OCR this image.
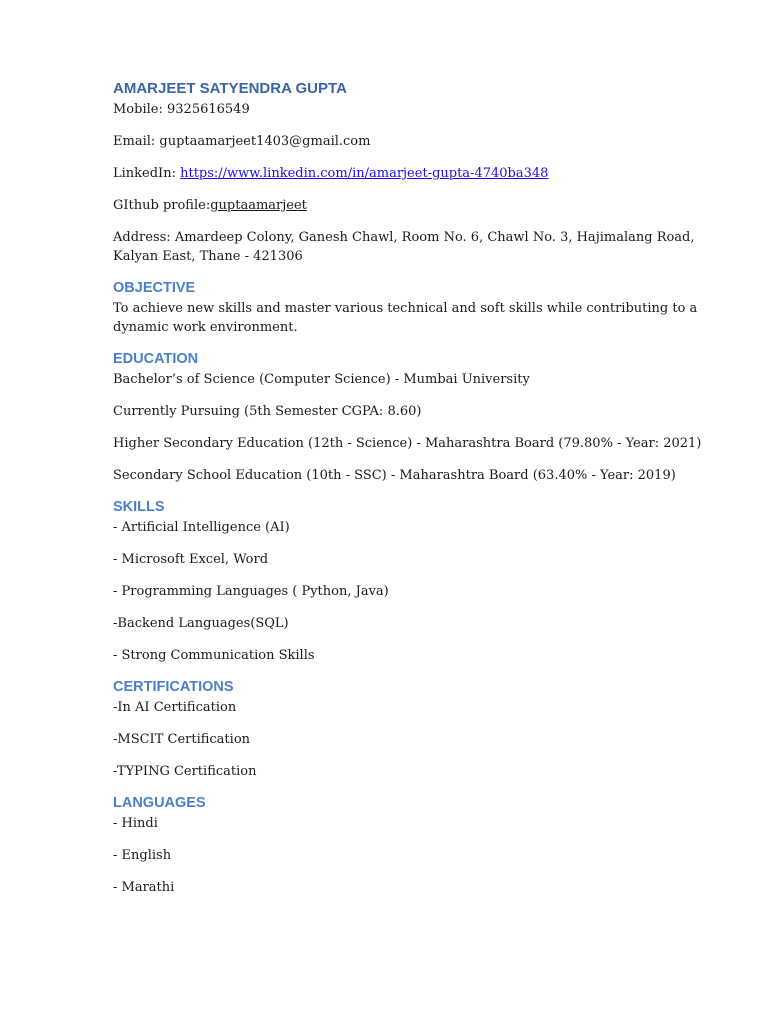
AMARJEET SATYENDRA GUPTA

Mobile: 9325616549

Email: guptaamarjeet1403@gmail.com

LinkedIn: https://www.linkedin.com/in/amarjeet-gupta-4740ba348

GIthub profile:guptaamarjeet

Address: Amardeep Colony, Ganesh Chawl, Room No. 6, Chawl No. 3, Hajimalang Road,

Kalyan East, Thane - 421306

OBJECTIVE

To achieve new skills and master various technical and soft skills while contributing to a

dynamic work environment.

EDUCATION

Bachelor’s of Science (Computer Science) - Mumbai University

Currently Pursuing (5th Semester CGPA: 8.60)

Higher Secondary Education (12th - Science) - Maharashtra Board (79.80% - Year: 2021)

Secondary School Education (10th - SSC) - Maharashtra Board (63.40% - Year: 2019)

SKILLS

- Artificial Intelligence (AI)

- Microsoft Excel, Word

- Programming Languages ( Python, Java)

-Backend Languages(SQL)

- Strong Communication Skills

CERTIFICATIONS

-In AI Certification

-MSCIT Certification

-TYPING Certification

LANGUAGES

- Hindi

- English

- Marathi
